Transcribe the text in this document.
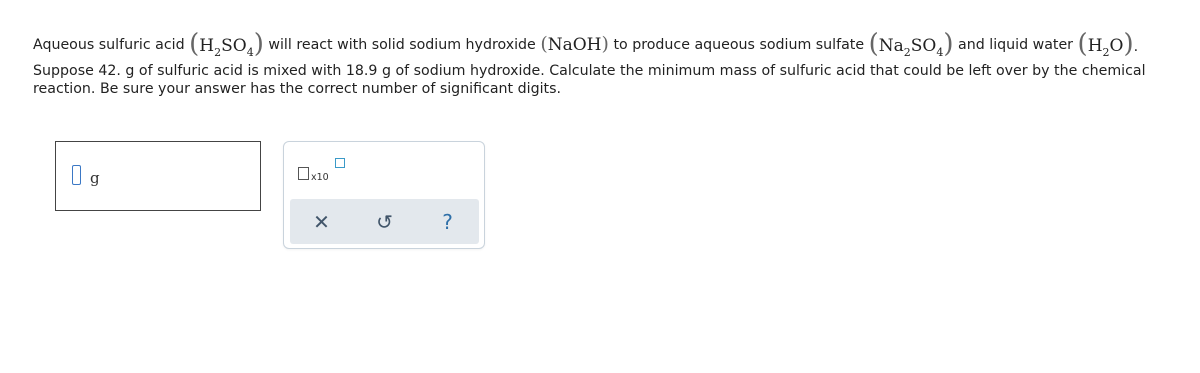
Aqueous sulfuric acid
$(H_2SO_4)$
will react with solid sodium hydroxide
(NaOH)
to produce aqueous sodium sulfate
$(Na_2SO_4)$
and liquid water
$(H_2O)$.
Suppose 42. g of sulfuric acid is mixed with 18.9 g of sodium hydroxide. Calculate the minimum mass of sulfuric acid that could be left over by the chemical reaction. Be sure your answer has the correct number of significant digits.
g	x10
✕ ↺ ?
